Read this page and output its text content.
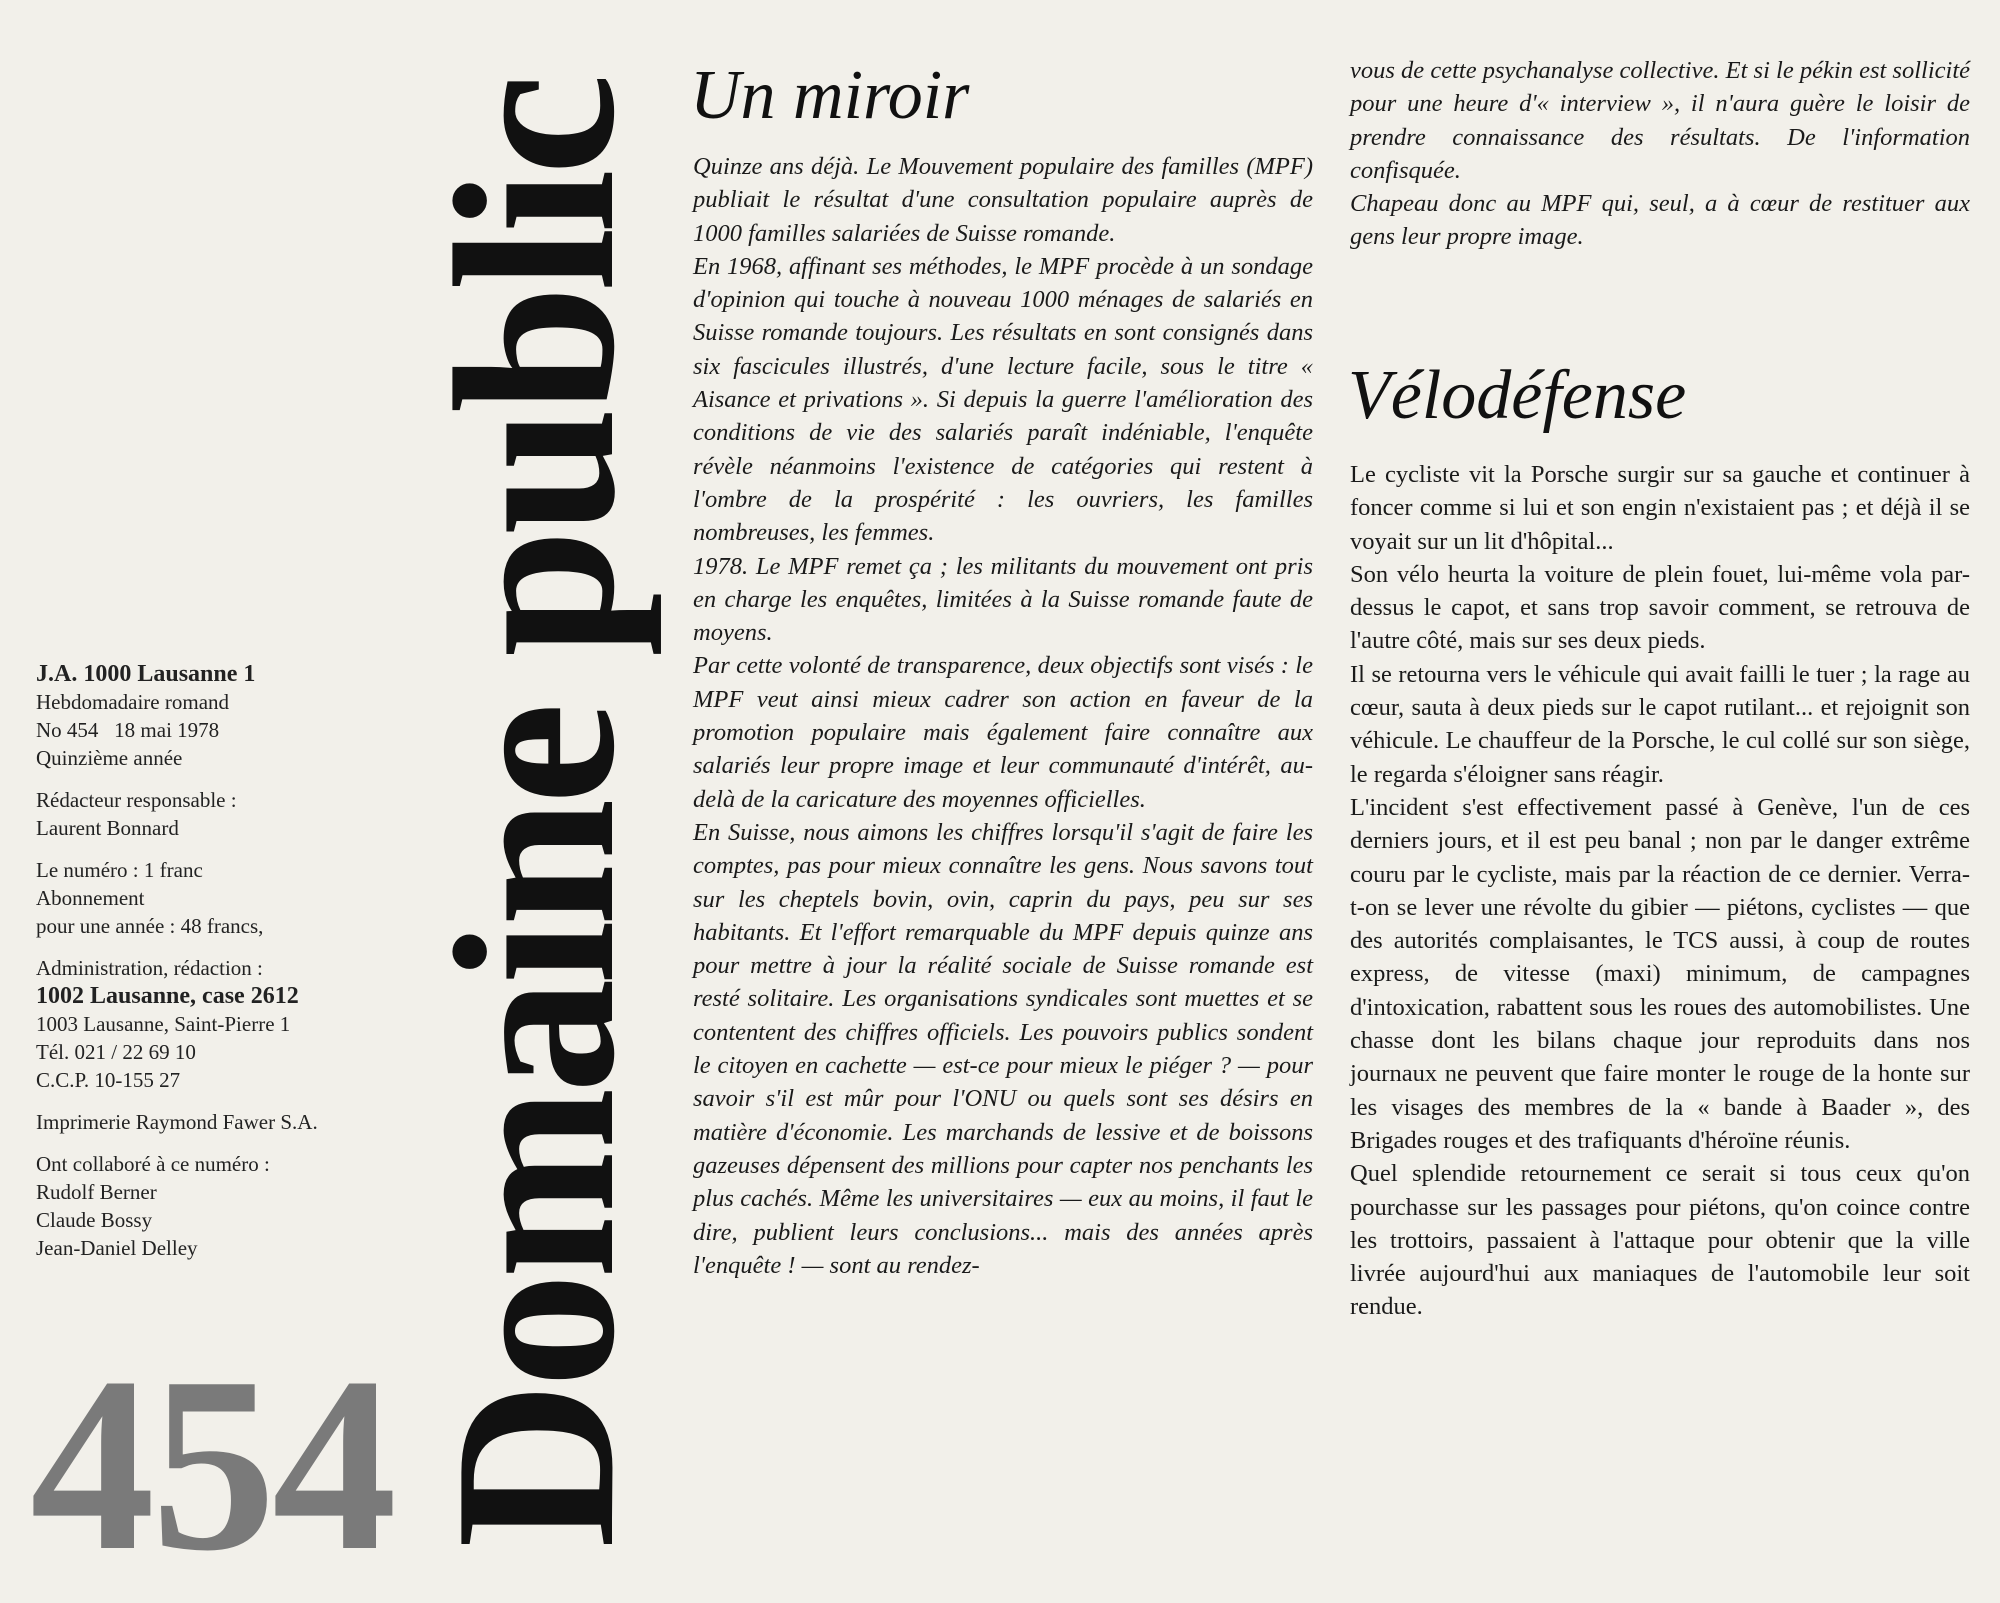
J.A. 1000 Lausanne 1
Hebdomadaire romand
No 454   18 mai 1978
Quinzième année
Rédacteur responsable :
Laurent Bonnard
Le numéro : 1 franc
Abonnement
pour une année : 48 francs,
Administration, rédaction :
1002 Lausanne, case 2612
1003 Lausanne, Saint-Pierre 1
Tél. 021 / 22 69 10
C.C.P. 10-155 27
Imprimerie Raymond Fawer S.A.
Ont collaboré à ce numéro :
Rudolf Berner
Claude Bossy
Jean-Daniel Delley
454 Domaine public Un miroir

Quinze ans déjà. Le Mouvement populaire des familles (MPF) publiait le résultat d'une consultation populaire auprès de 1000 familles salariées de Suisse romande.

En 1968, affinant ses méthodes, le MPF procède à un sondage d'opinion qui touche à nouveau 1000 ménages de salariés en Suisse romande toujours. Les résultats en sont consignés dans six fascicules illustrés, d'une lecture facile, sous le titre « Aisance et privations ». Si depuis la guerre l'amélioration des conditions de vie des salariés paraît indéniable, l'enquête révèle néanmoins l'existence de catégories qui restent à l'ombre de la prospérité : les ouvriers, les familles nombreuses, les femmes.

1978. Le MPF remet ça ; les militants du mouvement ont pris en charge les enquêtes, limitées à la Suisse romande faute de moyens.

Par cette volonté de transparence, deux objectifs sont visés : le MPF veut ainsi mieux cadrer son action en faveur de la promotion populaire mais également faire connaître aux salariés leur propre image et leur communauté d'intérêt, au-delà de la caricature des moyennes officielles.

En Suisse, nous aimons les chiffres lorsqu'il s'agit de faire les comptes, pas pour mieux connaître les gens. Nous savons tout sur les cheptels bovin, ovin, caprin du pays, peu sur ses habitants. Et l'effort remarquable du MPF depuis quinze ans pour mettre à jour la réalité sociale de Suisse romande est resté solitaire. Les organisations syndicales sont muettes et se contentent des chiffres officiels. Les pouvoirs publics sondent le citoyen en cachette — est-ce pour mieux le piéger ? — pour savoir s'il est mûr pour l'ONU ou quels sont ses désirs en matière d'économie. Les marchands de lessive et de boissons gazeuses dépensent des millions pour capter nos penchants les plus cachés. Même les universitaires — eux au moins, il faut le dire, publient leurs conclusions... mais des années après l'enquête ! — sont au rendez-

vous de cette psychanalyse collective. Et si le pékin est sollicité pour une heure d'« interview », il n'aura guère le loisir de prendre connaissance des résultats. De l'information confisquée.

Chapeau donc au MPF qui, seul, a à cœur de restituer aux gens leur propre image.

Vélodéfense

Le cycliste vit la Porsche surgir sur sa gauche et continuer à foncer comme si lui et son engin n'existaient pas ; et déjà il se voyait sur un lit d'hôpital...

Son vélo heurta la voiture de plein fouet, lui-même vola par-dessus le capot, et sans trop savoir comment, se retrouva de l'autre côté, mais sur ses deux pieds.

Il se retourna vers le véhicule qui avait failli le tuer ; la rage au cœur, sauta à deux pieds sur le capot rutilant... et rejoignit son véhicule. Le chauffeur de la Porsche, le cul collé sur son siège, le regarda s'éloigner sans réagir.

L'incident s'est effectivement passé à Genève, l'un de ces derniers jours, et il est peu banal ; non par le danger extrême couru par le cycliste, mais par la réaction de ce dernier. Verra-t-on se lever une révolte du gibier — piétons, cyclistes — que des autorités complaisantes, le TCS aussi, à coup de routes express, de vitesse (maxi) minimum, de campagnes d'intoxication, rabattent sous les roues des automobilistes. Une chasse dont les bilans chaque jour reproduits dans nos journaux ne peuvent que faire monter le rouge de la honte sur les visages des membres de la « bande à Baader », des Brigades rouges et des trafiquants d'héroïne réunis.

Quel splendide retournement ce serait si tous ceux qu'on pourchasse sur les passages pour piétons, qu'on coince contre les trottoirs, passaient à l'attaque pour obtenir que la ville livrée aujourd'hui aux maniaques de l'automobile leur soit rendue.
